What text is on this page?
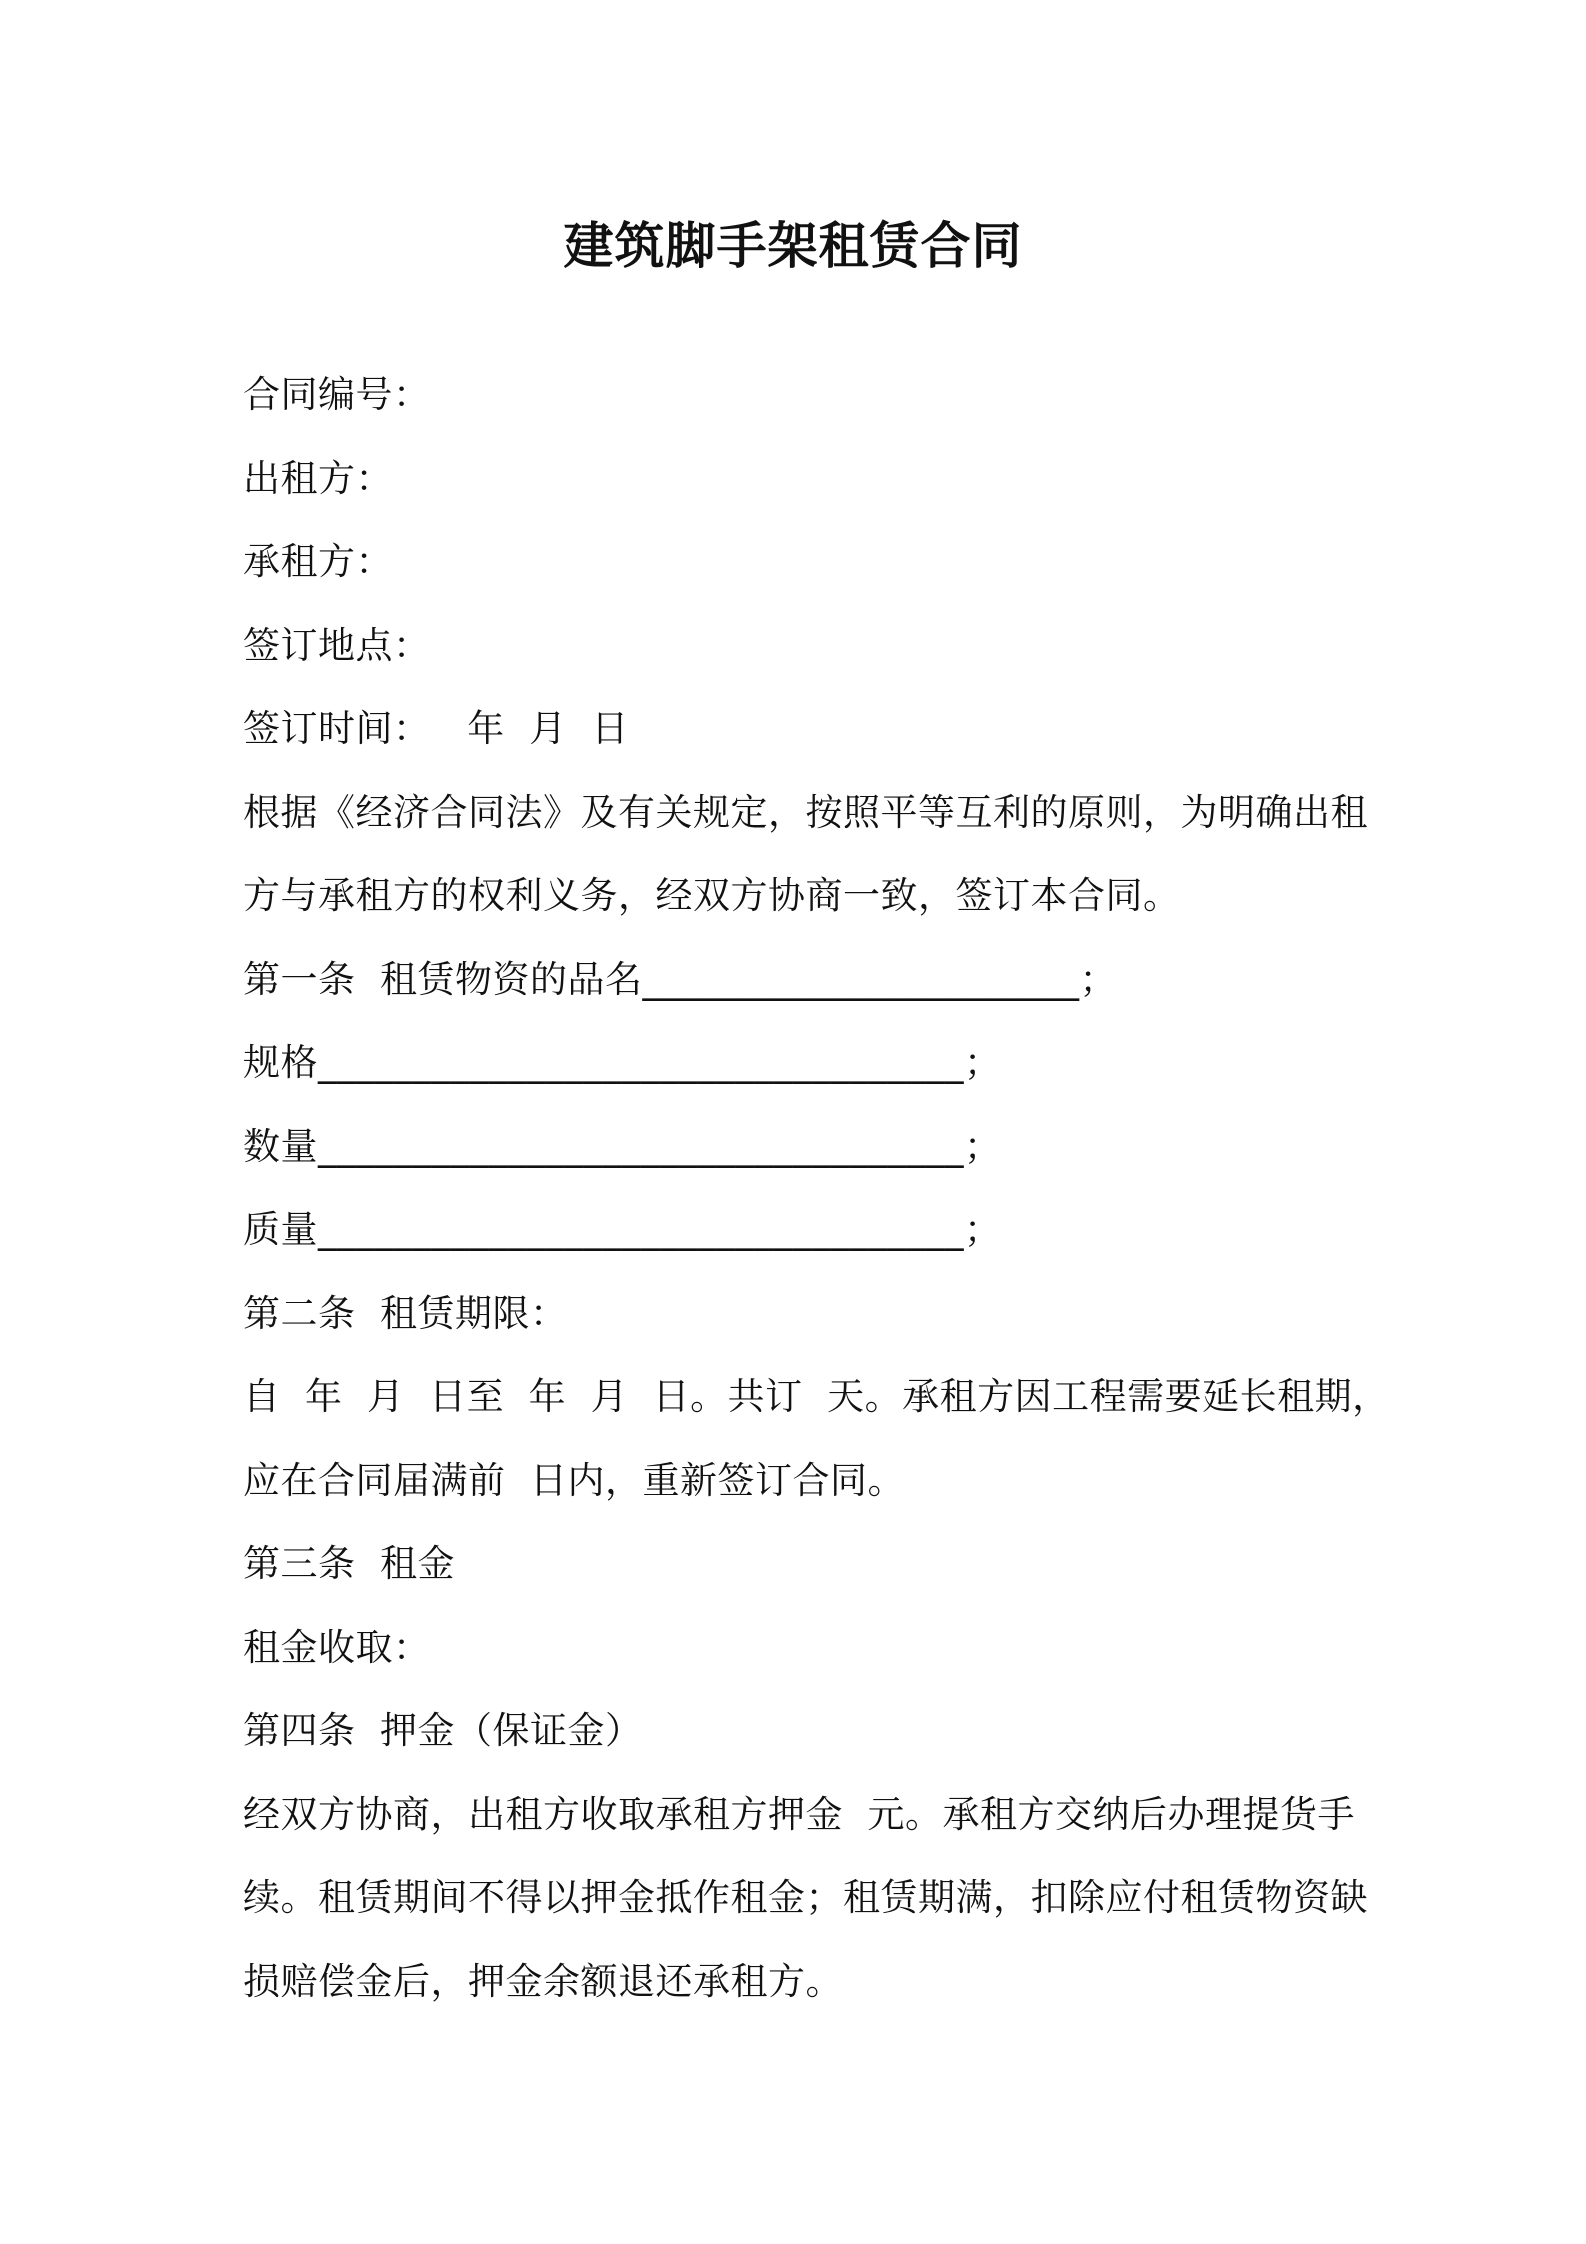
建筑脚手架租赁合同
合同编号：
出租方：
承租方：
签订地点：
签订时间：   年  月  日
根据《经济合同法》及有关规定，按照平等互利的原则，为明确出租
方与承租方的权利义务，经双方协商一致，签订本合同。
第一条  租赁物资的品名_______________________；
规格__________________________________；
数量__________________________________；
质量__________________________________；
第二条  租赁期限：
自  年  月  日至  年  月  日。共订  天。承租方因工程需要延长租期，
应在合同届满前  日内，重新签订合同。
第三条  租金
租金收取：
第四条  押金（保证金）
经双方协商，出租方收取承租方押金  元。承租方交纳后办理提货手
续。租赁期间不得以押金抵作租金；租赁期满，扣除应付租赁物资缺
损赔偿金后，押金余额退还承租方。
